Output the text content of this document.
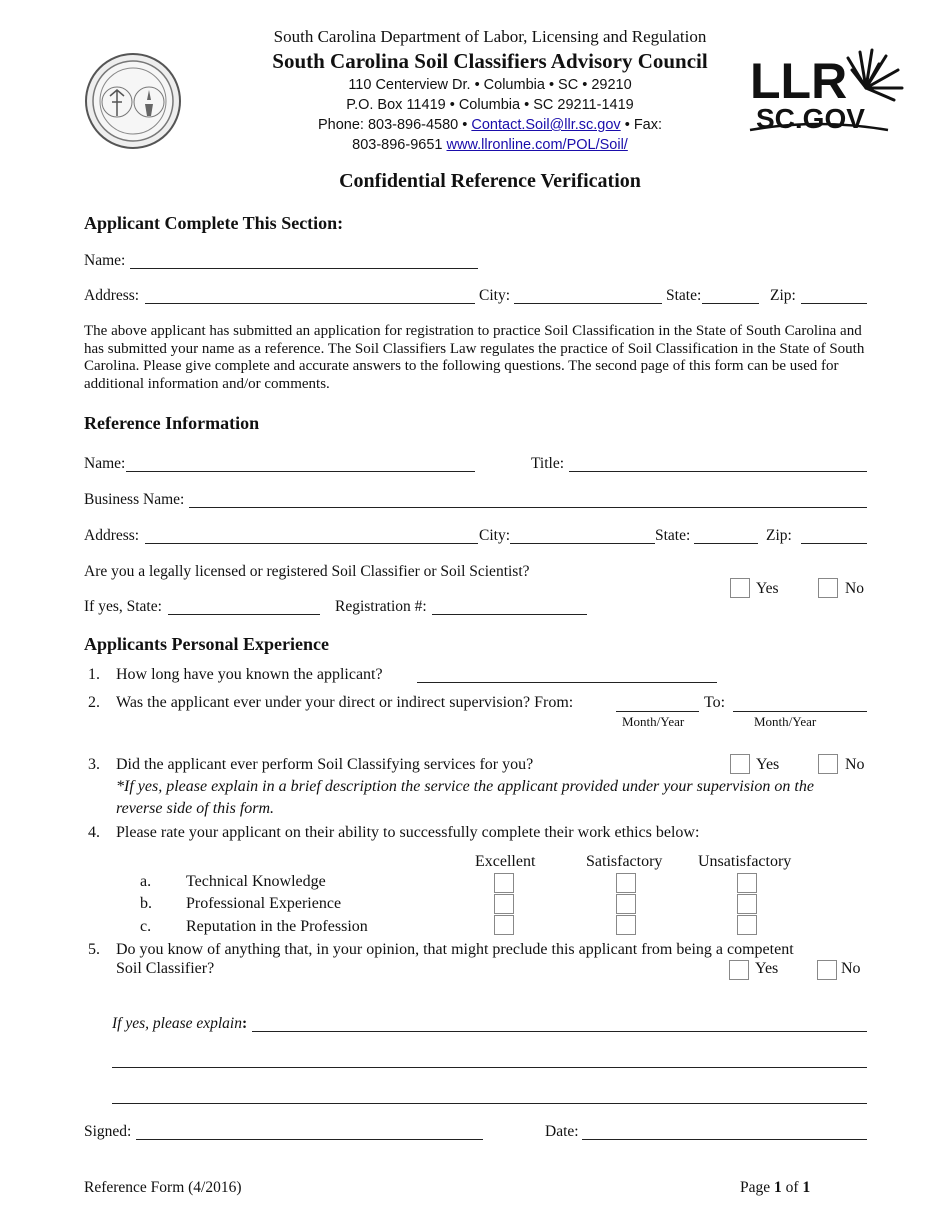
South Carolina Department of Labor, Licensing and Regulation
South Carolina Soil Classifiers Advisory Council
110 Centerview Dr. • Columbia • SC • 29210
P.O. Box 11419 • Columbia • SC 29211-1419
Phone: 803-896-4580 • Contact.Soil@llr.sc.gov • Fax:
803-896-9651 www.llronline.com/POL/Soil/
LLR
SC.GOV
Confidential Reference Verification
Applicant Complete This Section:
Name:
Address:	City:	State:	Zip:
The above applicant has submitted an application for registration to practice Soil Classification in the State of South Carolina and has submitted your name as a reference. The Soil Classifiers Law regulates the practice of Soil Classification in the State of South Carolina. Please give complete and accurate answers to the following questions. The second page of this form can be used for additional information and/or comments.
Reference Information
Name:	Title:
Business Name:
Address:	City:	State:	Zip:
Are you a legally licensed or registered Soil Classifier or Soil Scientist?
Yes	No
If yes, State:	Registration #:
Applicants Personal Experience
1. How long have you known the applicant?
2. Was the applicant ever under your direct or indirect supervision? From:	To:
Month/Year	Month/Year
3. Did the applicant ever perform Soil Classifying services for you?	Yes	No
*If yes, please explain in a brief description the service the applicant provided under your supervision on the
reverse side of this form.
4. Please rate your applicant on their ability to successfully complete their work ethics below:
Excellent	Satisfactory Unsatisfactory
a. Technical Knowledge
b. Professional Experience
c. Reputation in the Profession
5. Do you know of anything that, in your opinion, that might preclude this applicant from being a competent
Soil Classifier?	Yes	No
If yes, please explain:
Signed:	Date:
Reference Form (4/2016)	Page 1 of 1
